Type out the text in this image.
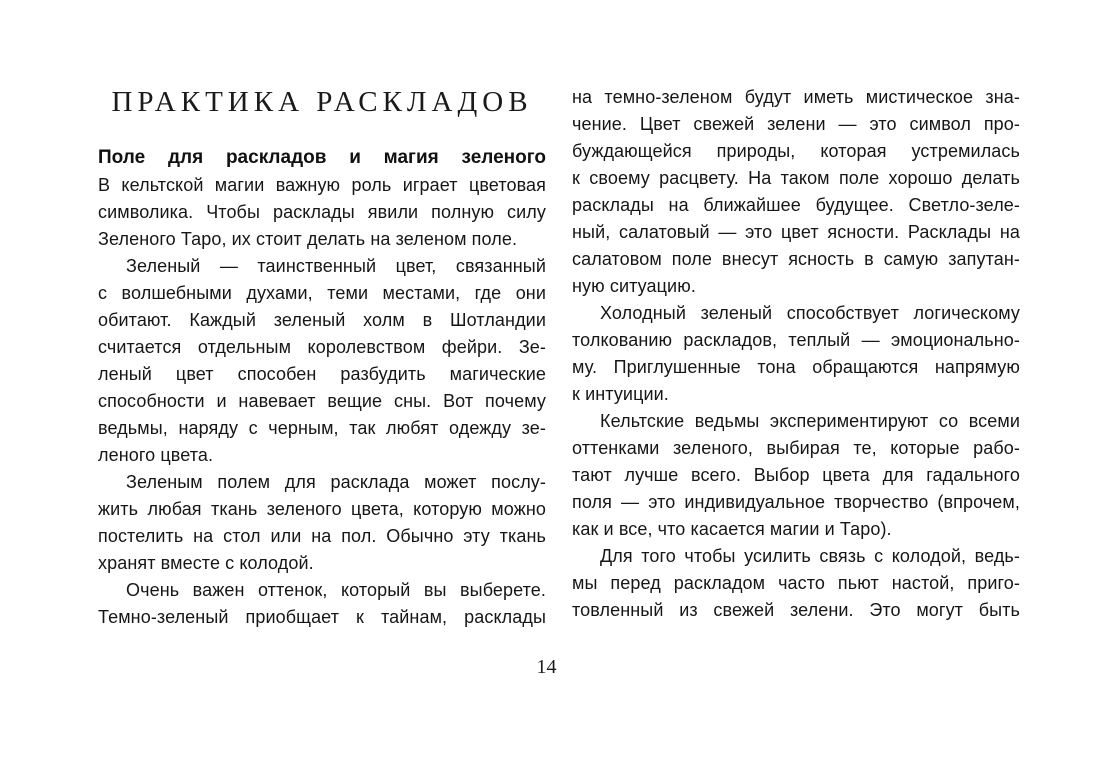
ПРАКТИКА РАСКЛАДОВ
Поле для раскладов и магия зеленого
В кельтской магии важную роль играет цветовая
символика. Чтобы расклады явили полную силу
Зеленого Таро, их стоит делать на зеленом поле.
Зеленый — таинственный цвет, связанный
с волшебными духами, теми местами, где они
обитают. Каждый зеленый холм в Шотландии
считается отдельным королевством фейри. Зе-
леный цвет способен разбудить магические
способности и навевает вещие сны. Вот почему
ведьмы, наряду с черным, так любят одежду зе-
леного цвета.
Зеленым полем для расклада может послу-
жить любая ткань зеленого цвета, которую можно
постелить на стол или на пол. Обычно эту ткань
хранят вместе с колодой.
Очень важен оттенок, который вы выберете.
Темно-зеленый приобщает к тайнам, расклады
на темно-зеленом будут иметь мистическое зна-
чение. Цвет свежей зелени — это символ про-
буждающейся природы, которая устремилась
к своему расцвету. На таком поле хорошо делать
расклады на ближайшее будущее. Светло-зеле-
ный, салатовый — это цвет ясности. Расклады на
салатовом поле внесут ясность в самую запутан-
ную ситуацию.
Холодный зеленый способствует логическому
толкованию раскладов, теплый — эмоционально-
му. Приглушенные тона обращаются напрямую
к интуиции.
Кельтские ведьмы экспериментируют со всеми
оттенками зеленого, выбирая те, которые рабо-
тают лучше всего. Выбор цвета для гадального
поля — это индивидуальное творчество (впрочем,
как и все, что касается магии и Таро).
Для того чтобы усилить связь с колодой, ведь-
мы перед раскладом часто пьют настой, приго-
товленный из свежей зелени. Это могут быть
14
